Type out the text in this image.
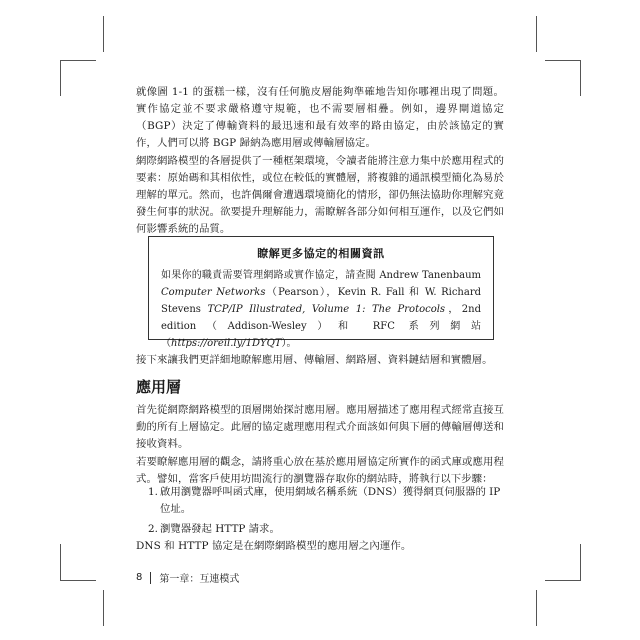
就像圖 1-1 的蛋糕一樣，沒有任何脆皮層能夠準確地告知你哪裡出現了問題。實作協定並不要求嚴格遵守規範，也不需要層相疊。例如，邊界閘道協定（BGP）決定了傳輸資料的最迅速和最有效率的路由協定，由於該協定的實作，人們可以將 BGP 歸納為應用層或傳輸層協定。

網際網路模型的各層提供了一種框架環境，令讀者能將注意力集中於應用程式的要素：原始碼和其相依性，或位在較低的實體層，將複雜的通訊模型簡化為易於理解的單元。然而，也許偶爾會遭遇環境簡化的情形，卻仍無法協助你理解究竟發生何事的狀況。欲要提升理解能力，需瞭解各部分如何相互運作，以及它們如何影響系統的品質。

瞭解更多協定的相關資訊

如果你的職責需要管理網路或實作協定，請查閱 Andrew Tanenbaum Computer Networks（Pearson），Kevin R. Fall 和 W. Richard Stevens TCP/IP Illustrated, Volume 1: The Protocols，2nd edition（Addison-Wesley）和 RFC 系列網站（https://oreil.ly/1DYQT）。

接下來讓我們更詳細地瞭解應用層、傳輸層、網路層、資料鏈結層和實體層。

應用層

首先從網際網路模型的頂層開始探討應用層。應用層描述了應用程式經常直接互動的所有上層協定。此層的協定處理應用程式介面該如何與下層的傳輸層傳送和接收資料。

若要瞭解應用層的觀念，請將重心放在基於應用層協定所實作的函式庫或應用程式。譬如，當客戶使用坊間流行的瀏覽器存取你的網站時，將執行以下步驟：

1. 啟用瀏覽器呼叫函式庫，使用網域名稱系統（DNS）獲得網頁伺服器的 IP 位址。
2. 瀏覽器發起 HTTP 請求。

DNS 和 HTTP 協定是在網際網路模型的應用層之內運作。

8 第一章：互連模式
